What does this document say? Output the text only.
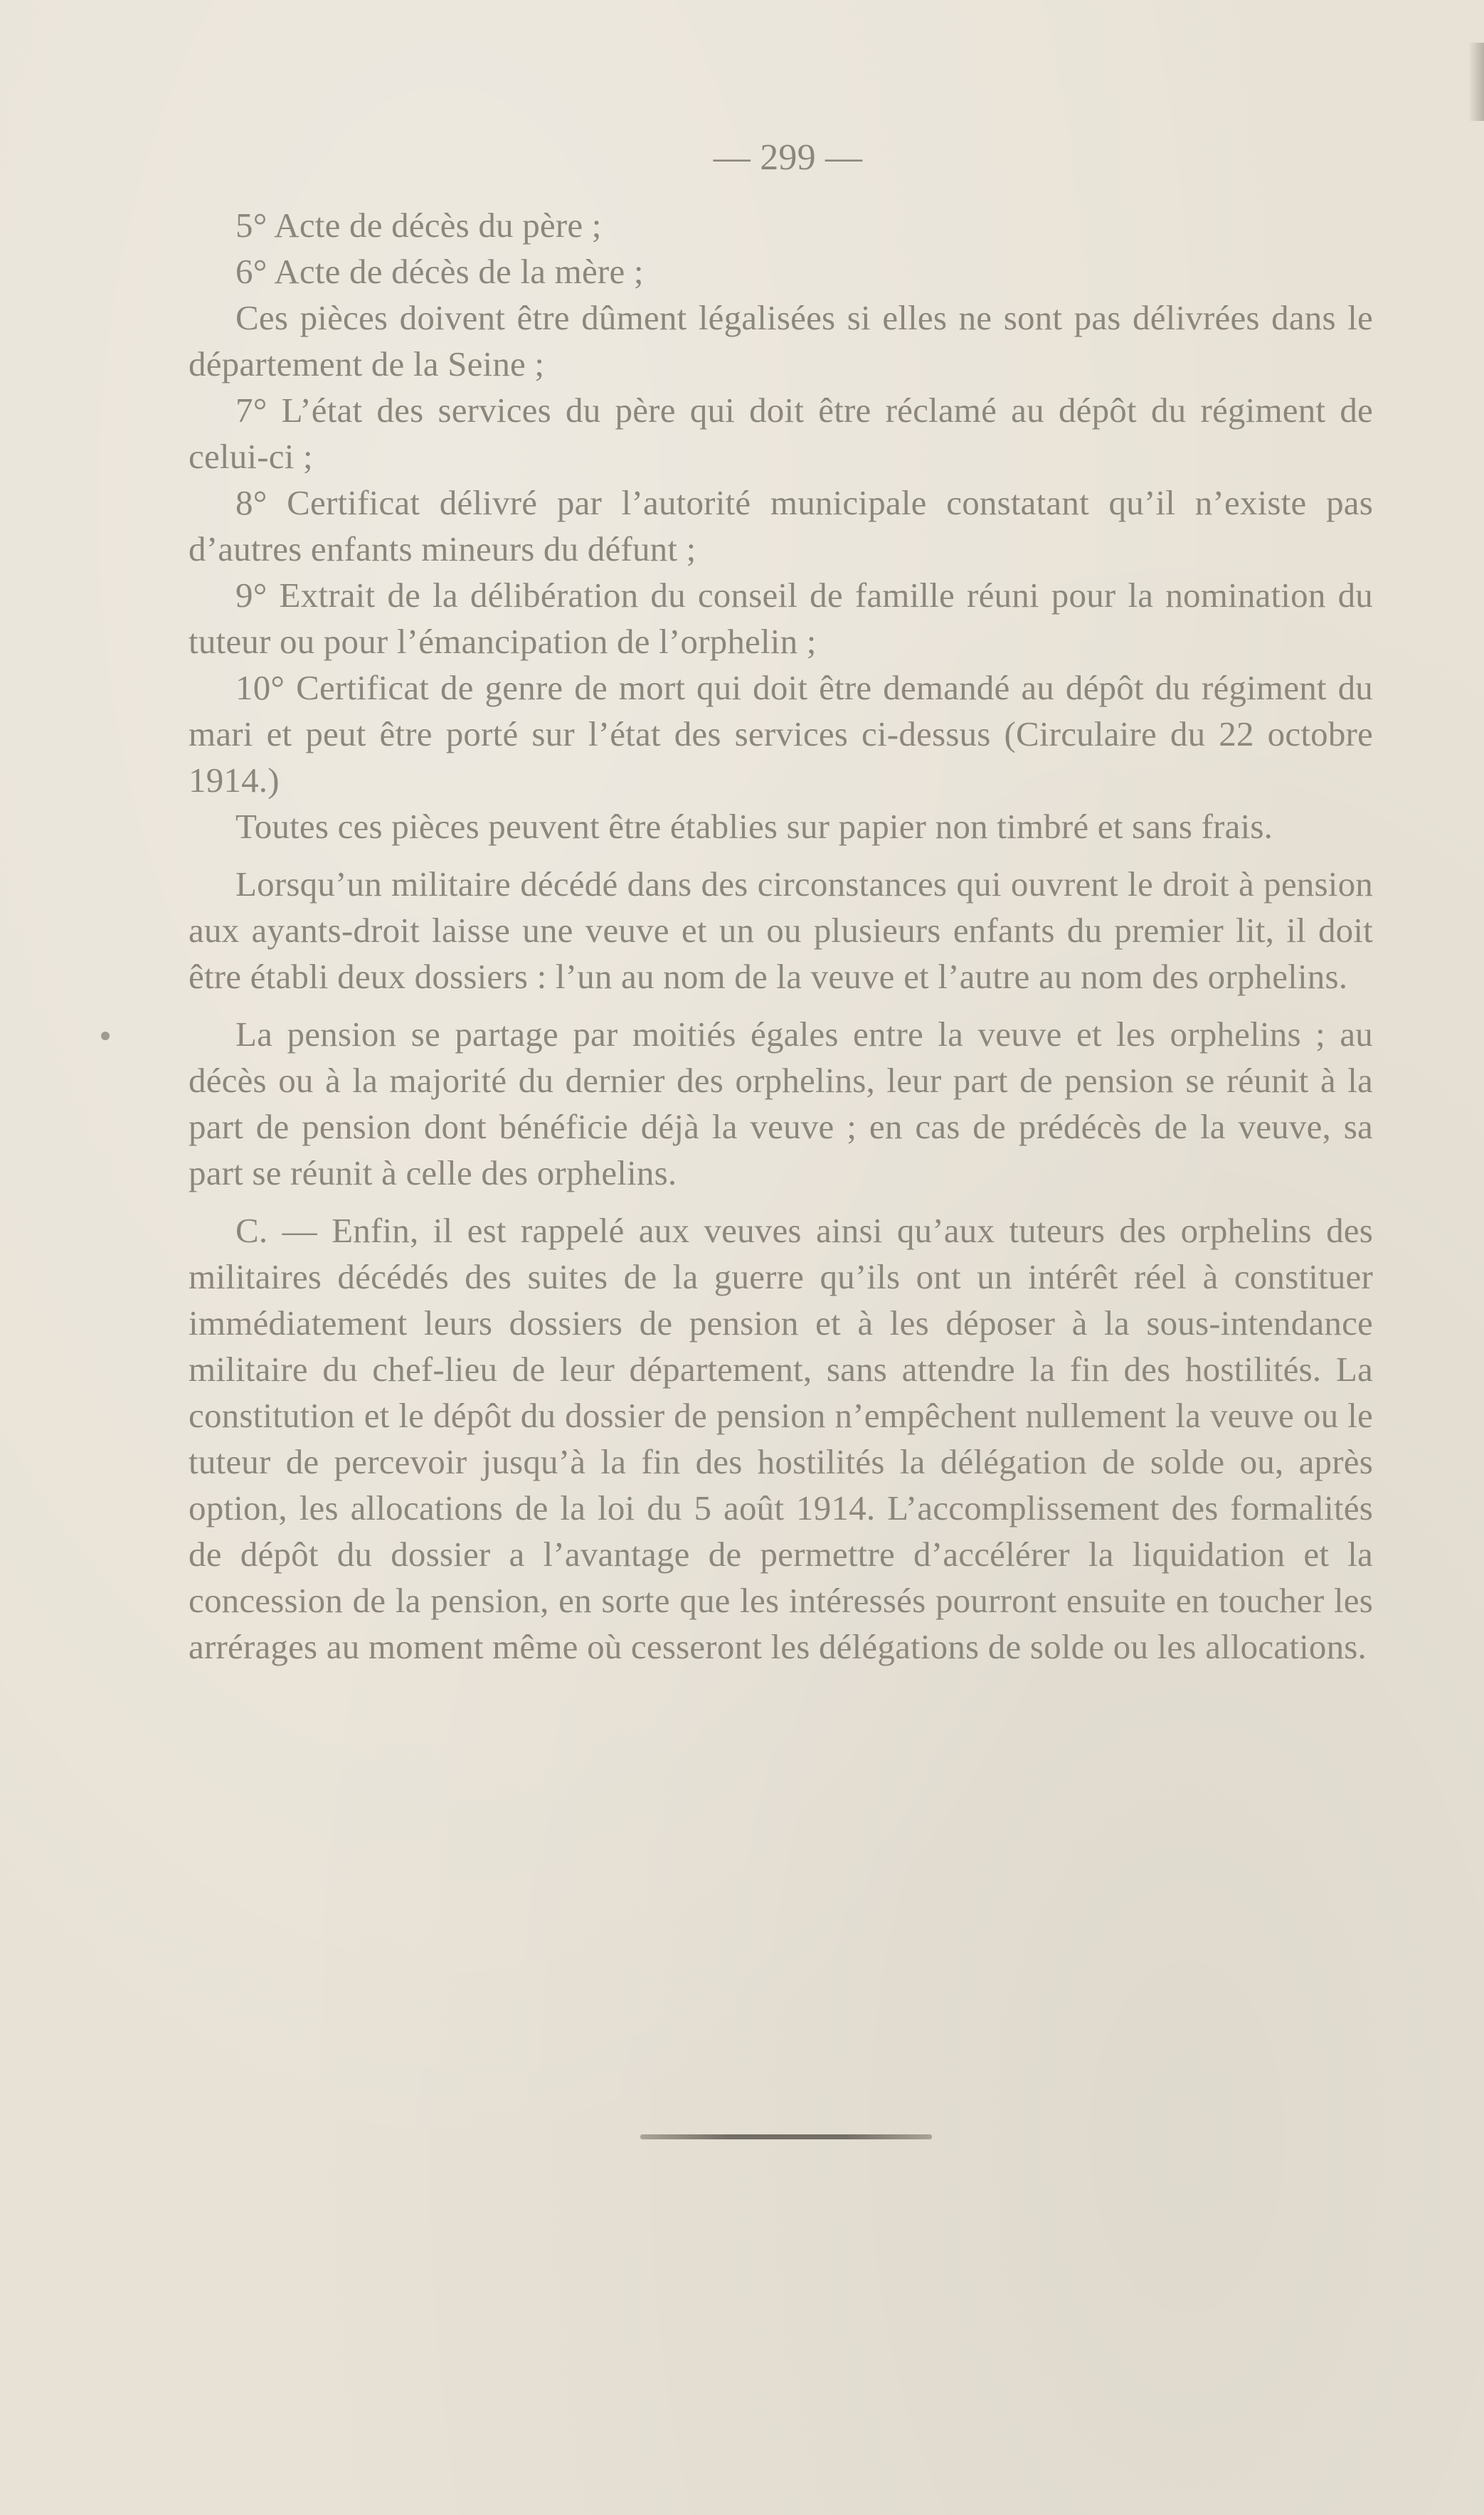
— 299 —

5° Acte de décès du père ;

6° Acte de décès de la mère ;

Ces pièces doivent être dûment légalisées si elles ne sont pas délivrées dans le département de la Seine ;

7° L’état des services du père qui doit être réclamé au dépôt du régiment de celui-ci ;

8° Certificat délivré par l’autorité municipale constatant qu’il n’existe pas d’autres enfants mineurs du défunt ;

9° Extrait de la délibération du conseil de famille réuni pour la nomination du tuteur ou pour l’émancipation de l’orphelin ;

10° Certificat de genre de mort qui doit être demandé au dépôt du régiment du mari et peut être porté sur l’état des services ci-dessus (Circulaire du 22 octobre 1914.)

Toutes ces pièces peuvent être établies sur papier non timbré et sans frais.

Lorsqu’un militaire décédé dans des circonstances qui ouvrent le droit à pension aux ayants-droit laisse une veuve et un ou plusieurs enfants du premier lit, il doit être établi deux dossiers : l’un au nom de la veuve et l’autre au nom des orphelins.

La pension se partage par moitiés égales entre la veuve et les orphelins ; au décès ou à la majorité du dernier des orphelins, leur part de pension se réunit à la part de pension dont bénéficie déjà la veuve ; en cas de prédécès de la veuve, sa part se réunit à celle des orphelins.

C. — Enfin, il est rappelé aux veuves ainsi qu’aux tuteurs des orphelins des militaires décédés des suites de la guerre qu’ils ont un intérêt réel à constituer immédiatement leurs dossiers de pension et à les déposer à la sous-intendance militaire du chef-lieu de leur département, sans attendre la fin des hostilités. La constitution et le dépôt du dossier de pension n’empêchent nullement la veuve ou le tuteur de percevoir jusqu’à la fin des hostilités la délégation de solde ou, après option, les allocations de la loi du 5 août 1914. L’accomplissement des formalités de dépôt du dossier a l’avantage de permettre d’accélérer la liquidation et la concession de la pension, en sorte que les intéressés pourront ensuite en toucher les arrérages au moment même où cesseront les délégations de solde ou les allocations.
